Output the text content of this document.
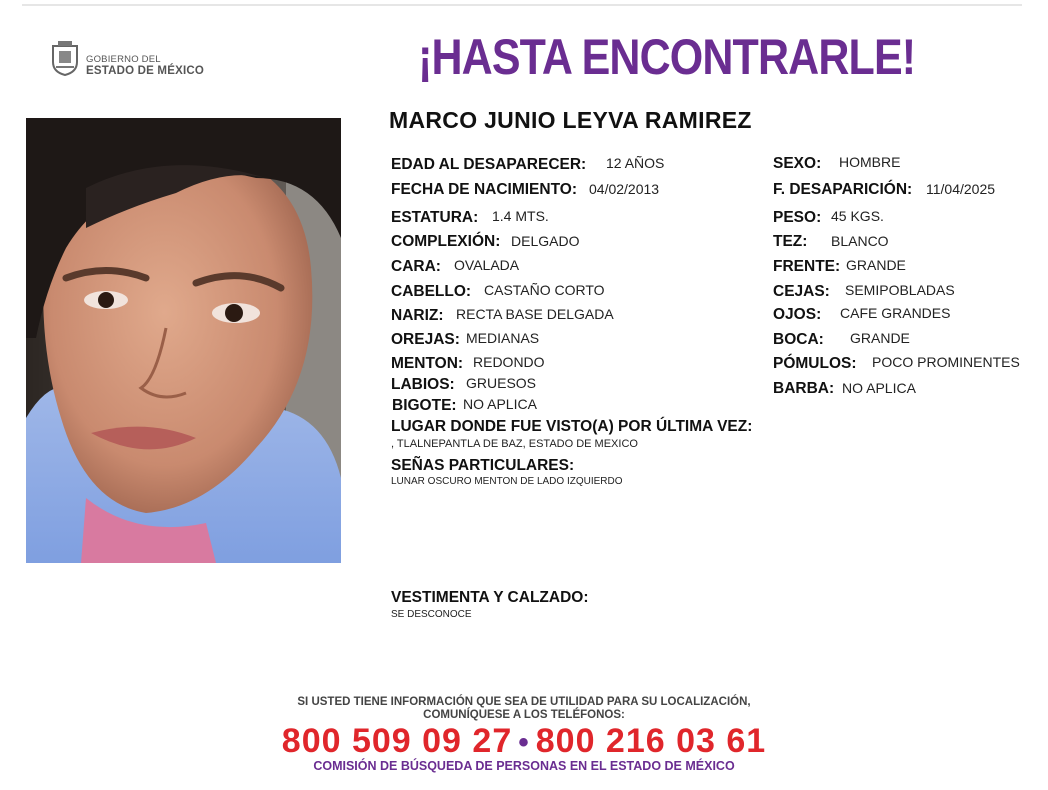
GOBIERNO DEL
ESTADO DE MÉXICO	¡HASTA ENCONTRARLE!
MARCO JUNIO LEYVA RAMIREZ
EDAD AL DESAPARECER: 12 AÑOS
FECHA DE NACIMIENTO: 04/02/2013
ESTATURA: 1.4 MTS.
COMPLEXIÓN: DELGADO
CARA: OVALADA
CABELLO: CASTAÑO CORTO
NARIZ: RECTA BASE DELGADA
OREJAS: MEDIANAS
MENTON: REDONDO
LABIOS: GRUESOS
BIGOTE: NO APLICA
SEXO: HOMBRE
F. DESAPARICIÓN: 11/04/2025
PESO: 45 KGS.
TEZ: BLANCO
FRENTE: GRANDE
CEJAS: SEMIPOBLADAS
OJOS: CAFE GRANDES
BOCA: GRANDE
PÓMULOS: POCO PROMINENTES
BARBA: NO APLICA
LUGAR DONDE FUE VISTO(A) POR ÚLTIMA VEZ:
, TLALNEPANTLA DE BAZ, ESTADO DE MEXICO
SEÑAS PARTICULARES:
LUNAR OSCURO MENTON DE LADO IZQUIERDO
VESTIMENTA Y CALZADO:
SE DESCONOCE
SI USTED TIENE INFORMACIÓN QUE SEA DE UTILIDAD PARA SU LOCALIZACIÓN,
COMUNÍQUESE A LOS TELÉFONOS:
800 509 09 27 • 800 216 03 61
COMISIÓN DE BÚSQUEDA DE PERSONAS EN EL ESTADO DE MÉXICO
